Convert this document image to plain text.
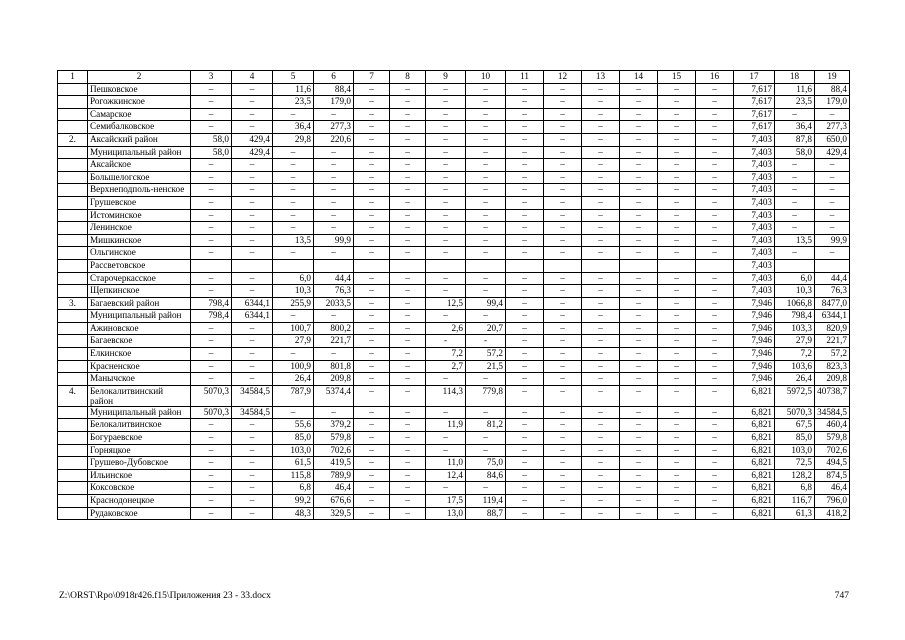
1	2	3	4	5	6	7	8	9	10	11	12	13	14	15	16	17	18	19
	Пешковское	–	–	11,6	88,4	–	–	–	–	–	–	–	–	–	–	7,617	11,6	88,4
	Рогожкинское	–	–	23,5	179,0	–	–	–	–	–	–	–	–	–	–	7,617	23,5	179,0
	Самарское	–	–	–	–	–	–	–	–	–	–	–	–	–	–	7,617	–	–
	Семибалковское	–	–	36,4	277,3	–	–	–	–	–	–	–	–	–	–	7,617	36,4	277,3
2.	Аксайский район	58,0	429,4	29,8	220,6	–	–	–	–	–	–	–	–	–	–	7,403	87,8	650,0
	Муниципальный район	58,0	429,4	–	–	–	–	–	–	–	–	–	–	–	–	7,403	58,0	429,4
	Аксайское	–	–	–	–	–	–	–	–	–	–	–	–	–	–	7,403	–	–
	Большелогское	–	–	–	–	–	–	–	–	–	–	–	–	–	–	7,403	–	–
	Верхнеподполь-ненское	–	–	–	–	–	–	–	–	–	–	–	–	–	–	7,403	–	–
	Грушевское	–	–	–	–	–	–	–	–	–	–	–	–	–	–	7,403	–	–
	Истоминское	–	–	–	–	–	–	–	–	–	–	–	–	–	–	7,403	–	–
	Ленинское	–	–	–	–	–	–	–	–	–	–	–	–	–	–	7,403	–	–
	Мишкинское	–	–	13,5	99,9	–	–	–	–	–	–	–	–	–	–	7,403	13,5	99,9
	Ольгинское	–	–	–	–	–	–	–	–	–	–	–	–	–	–	7,403	–	–
	Рассветовское															7,403		
	Старочеркасское	–	–	6,0	44,4	–	–	–	–	–	–	–	–	–	–	7,403	6,0	44,4
	Щепкинское	–	–	10,3	76,3	–	–	–	–	–	–	–	–	–	–	7,403	10,3	76,3
3.	Багаевский район	798,4	6344,1	255,9	2033,5	–	–	12,5	99,4	–	–	–	–	–	–	7,946	1066,8	8477,0
	Муниципальный район	798,4	6344,1	–	–	–	–	–	–	–	–	–	–	–	–	7,946	798,4	6344,1
	Ажиновское	–	–	100,7	800,2	–	–	2,6	20,7	–	–	–	–	–	–	7,946	103,3	820,9
	Багаевское	–	–	27,9	221,7	–	–	-	-	–	–	–	–	–	–	7,946	27,9	221,7
	Елкинское	–	–	–	–	–	–	7,2	57,2	–	–	–	–	–	–	7,946	7,2	57,2
	Красненское	–	–	100,9	801,8	–	–	2,7	21,5	–	–	–	–	–	–	7,946	103,6	823,3
	Манычское	–	–	26,4	209,8	–	–	–	–	–	–	–	–	–	–	7,946	26,4	209,8
4.	Белокалитвинский район	5070,3	34584,5	787,9	5374,4	–	–	114,3	779,8	–	–	–	–	–	–	6,821	5972,5	40738,7
	Муниципальный район	5070,3	34584,5	–	–	–	–	–	–	–	–	–	–	–	–	6,821	5070,3	34584,5
	Белокалитвинское	–	–	55,6	379,2	–	–	11,9	81,2	–	–	–	–	–	–	6,821	67,5	460,4
	Богураевское	–	–	85,0	579,8	–	–	–	–	–	–	–	–	–	–	6,821	85,0	579,8
	Горняцкое	–	–	103,0	702,6	–	–	–	–	–	–	–	–	–	–	6,821	103,0	702,6
	Грушево-Дубовское	–	–	61,5	419,5	–	–	11,0	75,0	–	–	–	–	–	–	6,821	72,5	494,5
	Ильинское	–	–	115,8	789,9	–	–	12,4	84,6	–	–	–	–	–	–	6,821	128,2	874,5
	Коксовское	–	–	6,8	46,4	–	–	–	–	–	–	–	–	–	–	6,821	6,8	46,4
	Краснодонецкое	–	–	99,2	676,6	–	–	17,5	119,4	–	–	–	–	–	–	6,821	116,7	796,0
	Рудаковское	–	–	48,3	329,5	–	–	13,0	88,7	–	–	–	–	–	–	6,821	61,3	418,2
Z:\ORST\Rpo\0918r426.f15\Приложения 23 - 33.docx	747
